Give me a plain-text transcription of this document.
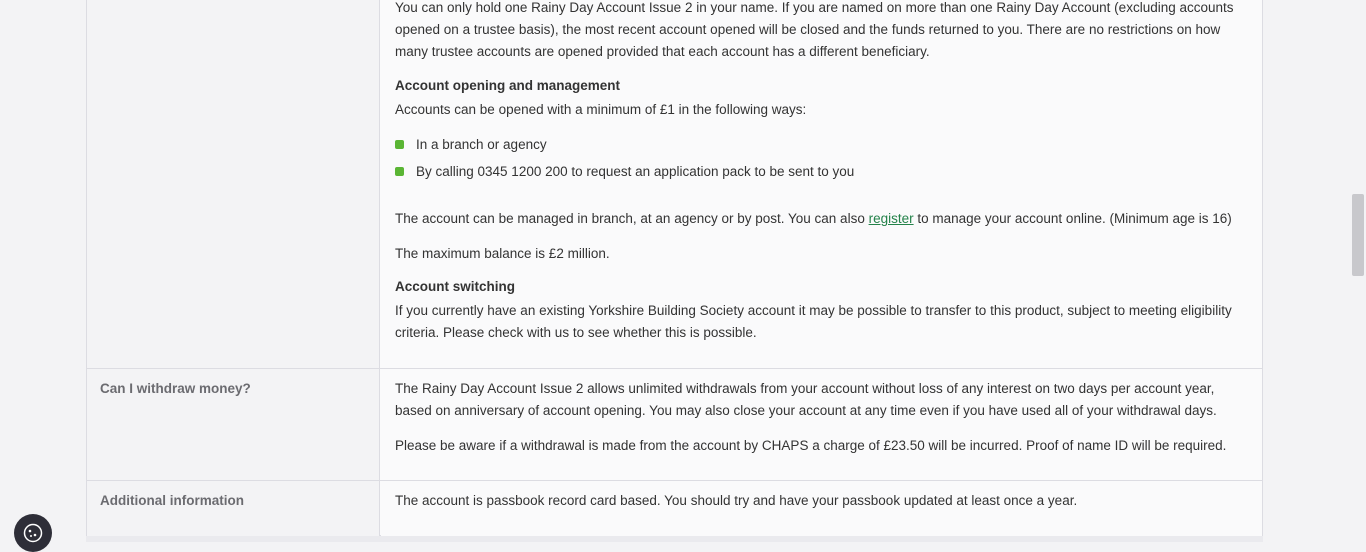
You can only hold one Rainy Day Account Issue 2 in your name. If you are named on more than one Rainy Day Account (excluding accounts opened on a trustee basis), the most recent account opened will be closed and the funds returned to you. There are no restrictions on how many trustee accounts are opened provided that each account has a different beneficiary.
Account opening and management
Accounts can be opened with a minimum of £1 in the following ways:
In a branch or agency
By calling 0345 1200 200 to request an application pack to be sent to you
The account can be managed in branch, at an agency or by post. You can also register to manage your account online. (Minimum age is 16)
The maximum balance is £2 million.
Account switching
If you currently have an existing Yorkshire Building Society account it may be possible to transfer to this product, subject to meeting eligibility criteria. Please check with us to see whether this is possible.
Can I withdraw money?	The Rainy Day Account Issue 2 allows unlimited withdrawals from your account without loss of any interest on two days per account year, based on anniversary of account opening. You may also close your account at any time even if you have used all of your withdrawal days.
Please be aware if a withdrawal is made from the account by CHAPS a charge of £23.50 will be incurred. Proof of name ID will be required.
Additional information	The account is passbook record card based. You should try and have your passbook updated at least once a year.
